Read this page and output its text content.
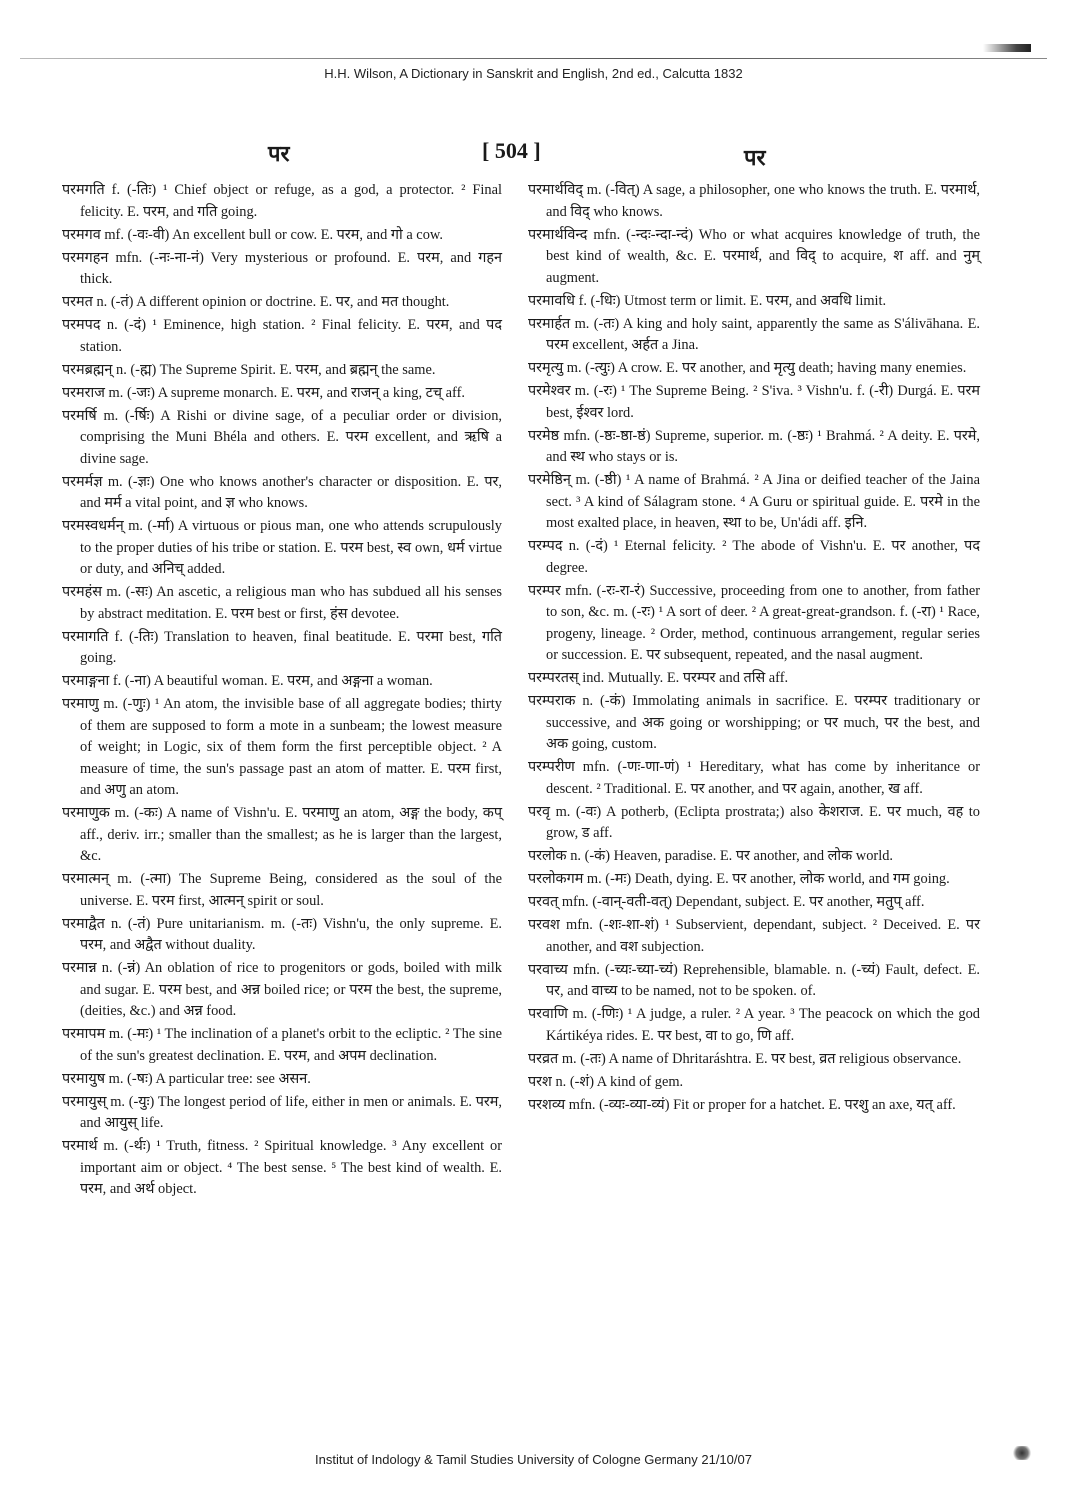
H.H. Wilson, A Dictionary in Sanskrit and English, 2nd ed., Calcutta 1832
पर	[ 504 ]	पर

परमगति f. (-तिः) ¹ Chief object or refuge, as a god, a protector. ² Final felicity. E. परम, and गति going.

परमगव mf. (-वः-वी) An excellent bull or cow. E. परम, and गो a cow.

परमगहन mfn. (-नः-ना-नं) Very mysterious or profound. E. परम, and गहन thick.

परमत n. (-तं) A different opinion or doctrine. E. पर, and मत thought.

परमपद n. (-दं) ¹ Eminence, high station. ² Final felicity. E. परम, and पद station.

परमब्रह्मन् n. (-ह्म) The Supreme Spirit. E. परम, and ब्रह्मन् the same.

परमराज m. (-जः) A supreme monarch. E. परम, and राजन् a king, टच् aff.

परमर्षि m. (-र्षिः) A Rishi or divine sage, of a peculiar order or division, comprising the Muni Bhéla and others. E. परम excellent, and ऋषि a divine sage.

परमर्मज्ञ m. (-ज्ञः) One who knows another's character or disposition. E. पर, and मर्म a vital point, and ज्ञ who knows.

परमस्वधर्मन् m. (-र्मा) A virtuous or pious man, one who attends scrupulously to the proper duties of his tribe or station. E. परम best, स्व own, धर्म virtue or duty, and अनिच् added.

परमहंस m. (-सः) An ascetic, a religious man who has subdued all his senses by abstract meditation. E. परम best or first, हंस devotee.

परमागति f. (-तिः) Translation to heaven, final beatitude. E. परमा best, गति going.

परमाङ्गना f. (-ना) A beautiful woman. E. परम, and अङ्गना a woman.

परमाणु m. (-णुः) ¹ An atom, the invisible base of all aggregate bodies; thirty of them are supposed to form a mote in a sunbeam; the lowest measure of weight; in Logic, six of them form the first perceptible object. ² A measure of time, the sun's passage past an atom of matter. E. परम first, and अणु an atom.

परमाणुक m. (-कः) A name of Vishn'u. E. परमाणु an atom, अङ्ग the body, कप् aff., deriv. irr.; smaller than the smallest; as he is larger than the largest, &c.

परमात्मन् m. (-त्मा) The Supreme Being, considered as the soul of the universe. E. परम first, आत्मन् spirit or soul.

परमाद्वैत n. (-तं) Pure unitarianism. m. (-तः) Vishn'u, the only supreme. E. परम, and अद्वैत without duality.

परमान्न n. (-न्नं) An oblation of rice to progenitors or gods, boiled with milk and sugar. E. परम best, and अन्न boiled rice; or परम the best, the supreme, (deities, &c.) and अन्न food.

परमापम m. (-मः) ¹ The inclination of a planet's orbit to the ecliptic. ² The sine of the sun's greatest declination. E. परम, and अपम declination.

परमायुष m. (-षः) A particular tree: see असन.

परमायुस् m. (-युः) The longest period of life, either in men or animals. E. परम, and आयुस् life.

परमार्थ m. (-र्थः) ¹ Truth, fitness. ² Spiritual knowledge. ³ Any excellent or important aim or object. ⁴ The best sense. ⁵ The best kind of wealth. E. परम, and अर्थ object.

परमार्थविद् m. (-वित्) A sage, a philosopher, one who knows the truth. E. परमार्थ, and विद् who knows.

परमार्थविन्द mfn. (-न्दः-न्दा-न्दं) Who or what acquires knowledge of truth, the best kind of wealth, &c. E. परमार्थ, and विद् to acquire, श aff. and नुम् augment.

परमावधि f. (-धिः) Utmost term or limit. E. परम, and अवधि limit.

परमार्हत m. (-तः) A king and holy saint, apparently the same as S'álivāhana. E. परम excellent, अर्हत a Jina.

परमृत्यु m. (-त्युः) A crow. E. पर another, and मृत्यु death; having many enemies.

परमेश्वर m. (-रः) ¹ The Supreme Being. ² S'iva. ³ Vishn'u. f. (-री) Durgá. E. परम best, ईश्वर lord.

परमेष्ठ mfn. (-ष्ठः-ष्ठा-ष्ठं) Supreme, superior. m. (-ष्ठः) ¹ Brahmá. ² A deity. E. परमे, and स्थ who stays or is.

परमेष्ठिन् m. (-ष्ठी) ¹ A name of Brahmá. ² A Jina or deified teacher of the Jaina sect. ³ A kind of Sálagram stone. ⁴ A Guru or spiritual guide. E. परमे in the most exalted place, in heaven, स्था to be, Un'ádi aff. इनि.

परम्पद n. (-दं) ¹ Eternal felicity. ² The abode of Vishn'u. E. पर another, पद degree.

परम्पर mfn. (-रः-रा-रं) Successive, proceeding from one to another, from father to son, &c. m. (-रः) ¹ A sort of deer. ² A great-great-grandson. f. (-रा) ¹ Race, progeny, lineage. ² Order, method, continuous arrangement, regular series or succession. E. पर subsequent, repeated, and the nasal augment.

परम्परतस् ind. Mutually. E. परम्पर and तसि aff.

परम्पराक n. (-कं) Immolating animals in sacrifice. E. परम्पर traditionary or successive, and अक going or worshipping; or पर much, पर the best, and अक going, custom.

परम्परीण mfn. (-णः-णा-णं) ¹ Hereditary, what has come by inheritance or descent. ² Traditional. E. पर another, and पर again, another, ख aff.

परवृ m. (-वः) A potherb, (Eclipta prostrata;) also केशराज. E. पर much, वह to grow, ड aff.

परलोक n. (-कं) Heaven, paradise. E. पर another, and लोक world.

परलोकगम m. (-मः) Death, dying. E. पर another, लोक world, and गम going.

परवत् mfn. (-वान्-वती-वत्) Dependant, subject. E. पर another, मतुप् aff.

परवश mfn. (-शः-शा-शं) ¹ Subservient, dependant, subject. ² Deceived. E. पर another, and वश subjection.

परवाच्य mfn. (-च्यः-च्या-च्यं) Reprehensible, blamable. n. (-च्यं) Fault, defect. E. पर, and वाच्य to be named, not to be spoken. of.

परवाणि m. (-णिः) ¹ A judge, a ruler. ² A year. ³ The peacock on which the god Kártikéya rides. E. पर best, वा to go, णि aff.

परव्रत m. (-तः) A name of Dhritaráshtra. E. पर best, व्रत religious observance.

परश n. (-शं) A kind of gem.

परशव्य mfn. (-व्यः-व्या-व्यं) Fit or proper for a hatchet. E. परशु an axe, यत् aff.

Institut of Indology & Tamil Studies University of Cologne Germany 21/10/07
